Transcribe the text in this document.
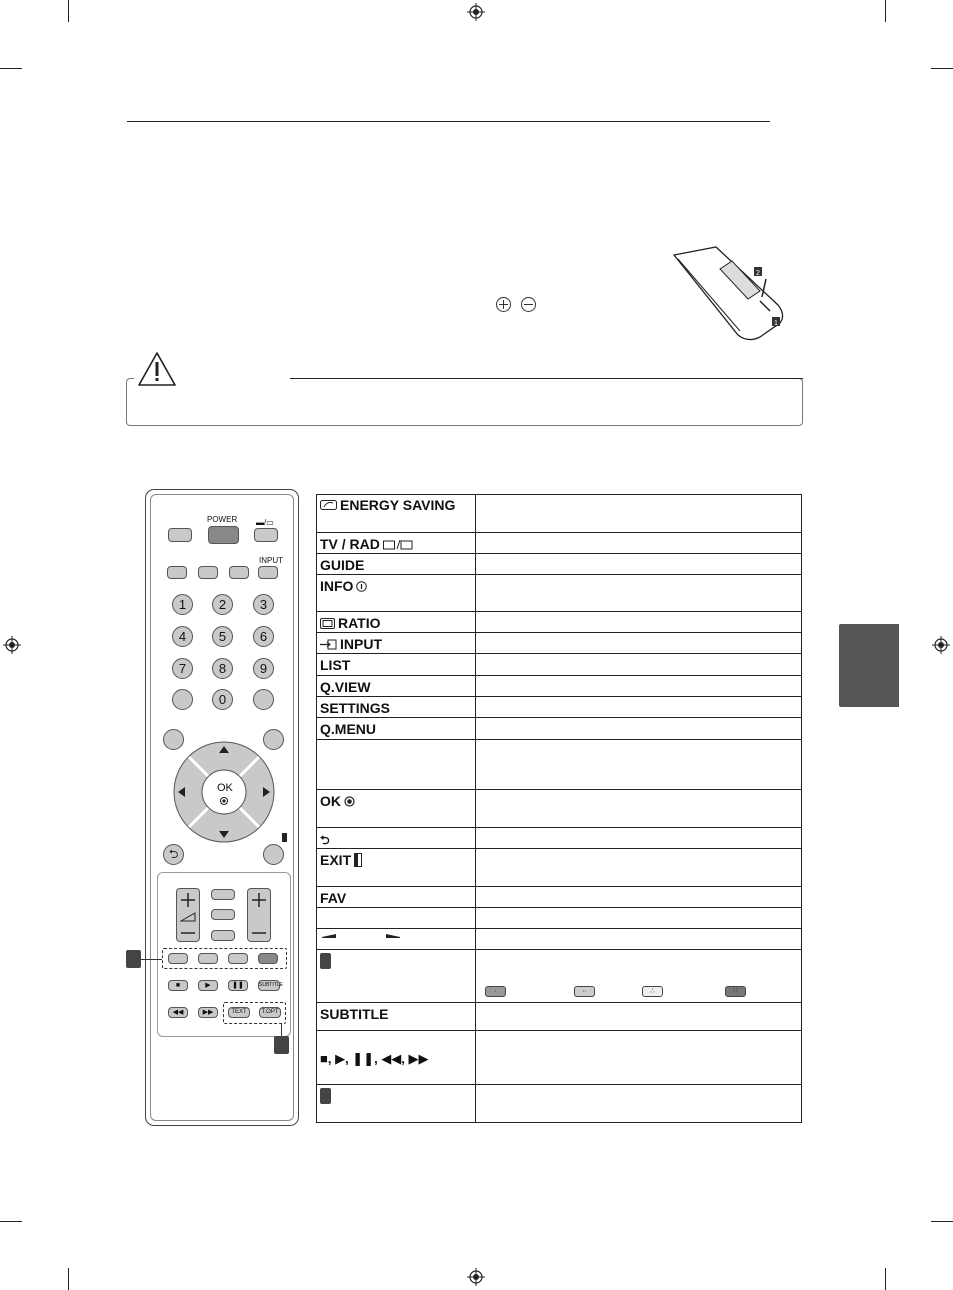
2
1
POWER ▬/▭
INPUT
1	2	3
4	5	6
7	8	9
0
OK
⮌
■	▶	❚❚	SUBTITLE
◀◀	▶▶	TEXT	T.OPT
ENERGY SAVING
TV / RAD
GUIDE
INFO
RATIO
INPUT
LIST
Q.VIEW
SETTINGS
Q.MENU
OK
⮌
EXIT
FAV
·	··	∴	∷
SUBTITLE
■, ▶, ❚❚, ◀◀, ▶▶
